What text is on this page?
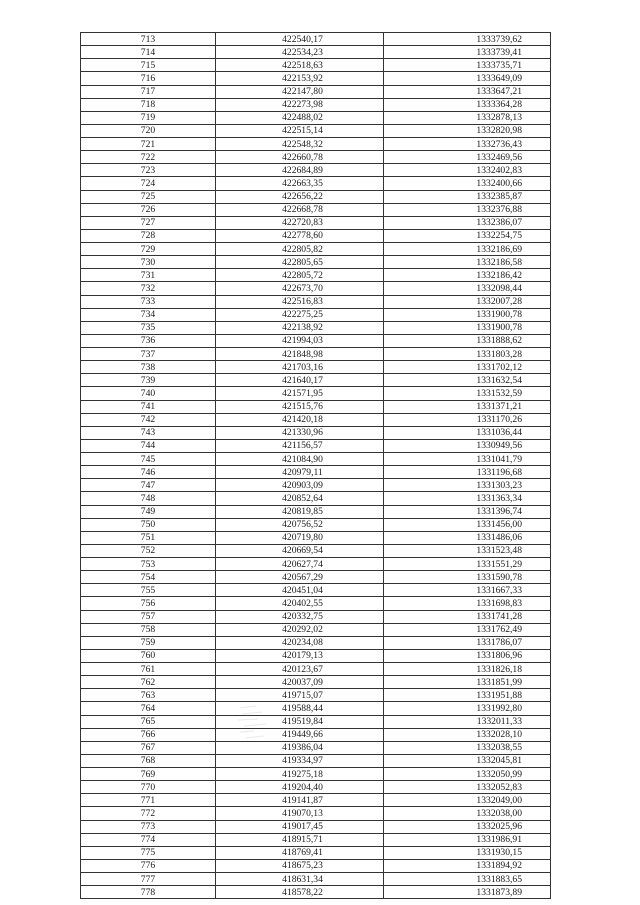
713	422540,17	1333739,62
714	422534,23	1333739,41
715	422518,63	1333735,71
716	422153,92	1333649,09
717	422147,80	1333647,21
718	422273,98	1333364,28
719	422488,02	1332878,13
720	422515,14	1332820,98
721	422548,32	1332736,43
722	422660,78	1332469,56
723	422684,89	1332402,83
724	422663,35	1332400,66
725	422656,22	1332385,87
726	422668,78	1332376,88
727	422720,83	1332386,07
728	422778,60	1332254,75
729	422805,82	1332186,69
730	422805,65	1332186,58
731	422805,72	1332186,42
732	422673,70	1332098,44
733	422516,83	1332007,28
734	422275,25	1331900,78
735	422138,92	1331900,78
736	421994,03	1331888,62
737	421848,98	1331803,28
738	421703,16	1331702,12
739	421640,17	1331632,54
740	421571,95	1331532,59
741	421515,76	1331371,21
742	421420,18	1331170,26
743	421330,96	1331036,44
744	421156,57	1330949,56
745	421084,90	1331041,79
746	420979,11	1331196,68
747	420903,09	1331303,23
748	420852,64	1331363,34
749	420819,85	1331396,74
750	420756,52	1331456,00
751	420719,80	1331486,06
752	420669,54	1331523,48
753	420627,74	1331551,29
754	420567,29	1331590,78
755	420451,04	1331667,33
756	420402,55	1331698,83
757	420332,75	1331741,28
758	420292,02	1331762,49
759	420234,08	1331786,07
760	420179,13	1331806,96
761	420123,67	1331826,18
762	420037,09	1331851,99
763	419715,07	1331951,88
764	419588,44	1331992,80
765	419519,84	1332011,33
766	419449,66	1332028,10
767	419386,04	1332038,55
768	419334,97	1332045,81
769	419275,18	1332050,99
770	419204,40	1332052,83
771	419141,87	1332049,00
772	419070,13	1332038,00
773	419017,45	1332025,96
774	418915,71	1331986,91
775	418769,41	1331930,15
776	418675,23	1331894,92
777	418631,34	1331883,65
778	418578,22	1331873,89
